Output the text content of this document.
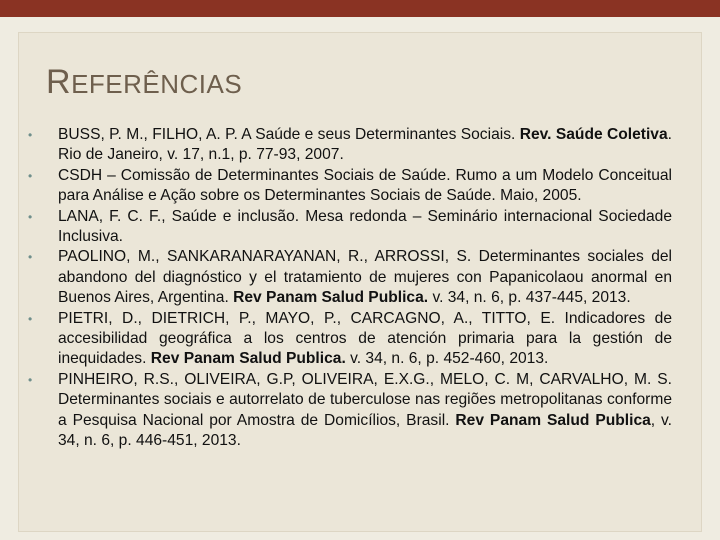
REFERÊNCIAS
• BUSS, P. M., FILHO, A. P. A Saúde e seus Determinantes Sociais. Rev. Saúde Coletiva. Rio de Janeiro, v. 17, n.1, p. 77-93, 2007.
• CSDH – Comissão de Determinantes Sociais de Saúde. Rumo a um Modelo Conceitual para Análise e Ação sobre os Determinantes Sociais de Saúde. Maio, 2005.
• LANA, F. C. F., Saúde e inclusão. Mesa redonda – Seminário internacional Sociedade Inclusiva.
• PAOLINO, M., SANKARANARAYANAN, R., ARROSSI, S. Determinantes sociales del abandono del diagnóstico y el tratamiento de mujeres con Papanicolaou anormal en Buenos Aires, Argentina. Rev Panam Salud Publica. v. 34, n. 6, p. 437-445, 2013.
• PIETRI, D., DIETRICH, P., MAYO, P., CARCAGNO, A., TITTO, E. Indicadores de accesibilidad geográfica a los centros de atención primaria para la gestión de inequidades. Rev Panam Salud Publica. v. 34, n. 6, p. 452-460, 2013.
• PINHEIRO, R.S., OLIVEIRA, G.P, OLIVEIRA, E.X.G., MELO, C. M, CARVALHO, M. S. Determinantes sociais e autorrelato de tuberculose nas regiões metropolitanas conforme a Pesquisa Nacional por Amostra de Domicílios, Brasil. Rev Panam Salud Publica, v. 34, n. 6, p. 446-451, 2013.
